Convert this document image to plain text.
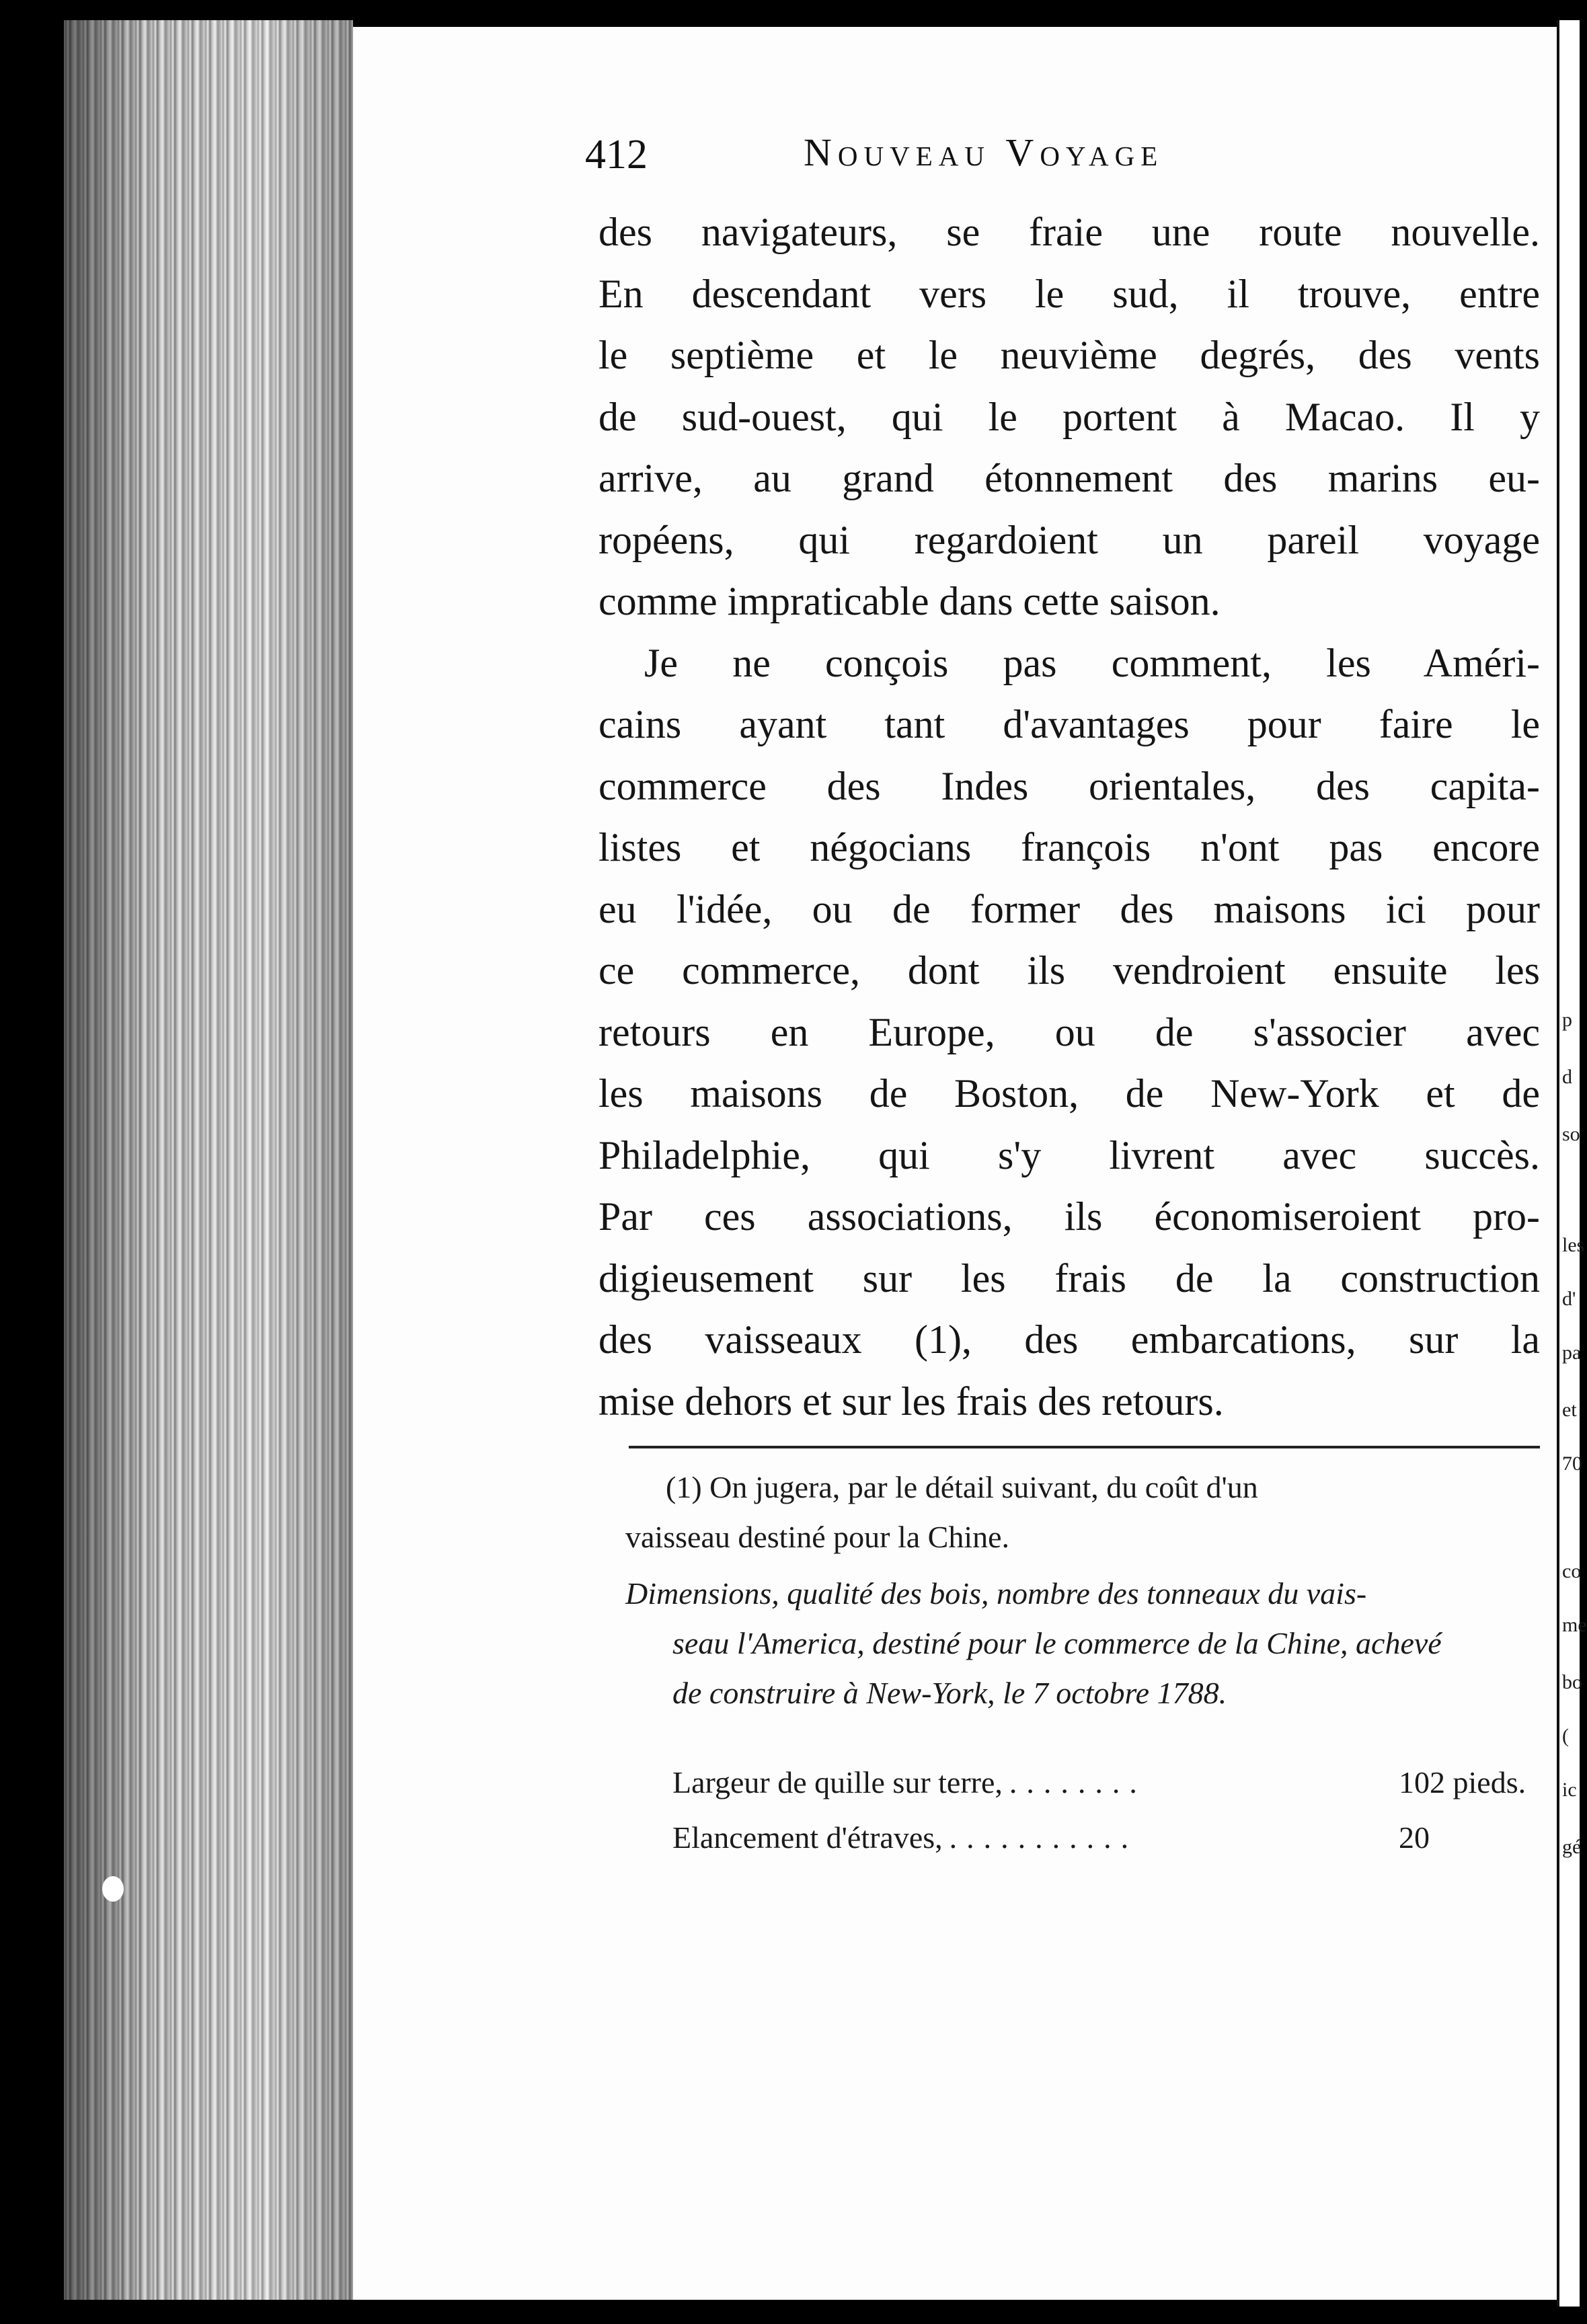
p
d
so
les
d'
pa
et
70
co
me
bo
(
ic
gé
412	Nouveau Voyage
des navigateurs, se fraie une route nouvelle.
En descendant vers le sud, il trouve, entre
le septième et le neuvième degrés, des vents
de sud-ouest, qui le portent à Macao. Il y
arrive, au grand étonnement des marins eu-
ropéens, qui regardoient un pareil voyage
comme impraticable dans cette saison.
Je ne conçois pas comment, les Améri-
cains ayant tant d'avantages pour faire le
commerce des Indes orientales, des capita-
listes et négocians françois n'ont pas encore
eu l'idée, ou de former des maisons ici pour
ce commerce, dont ils vendroient ensuite les
retours en Europe, ou de s'associer avec
les maisons de Boston, de New-York et de
Philadelphie, qui s'y livrent avec succès.
Par ces associations, ils économiseroient pro-
digieusement sur les frais de la construction
des vaisseaux (1), des embarcations, sur la
mise dehors et sur les frais des retours.
(1) On jugera, par le détail suivant, du coût d'un
vaisseau destiné pour la Chine.
Dimensions, qualité des bois, nombre des tonneaux du vais-
seau l'America, destiné pour le commerce de la Chine, achevé
de construire à New-York, le 7 octobre 1788.
Largeur de quille sur terre, ........	102 pieds.
Elancement d'étraves, ...........	20
